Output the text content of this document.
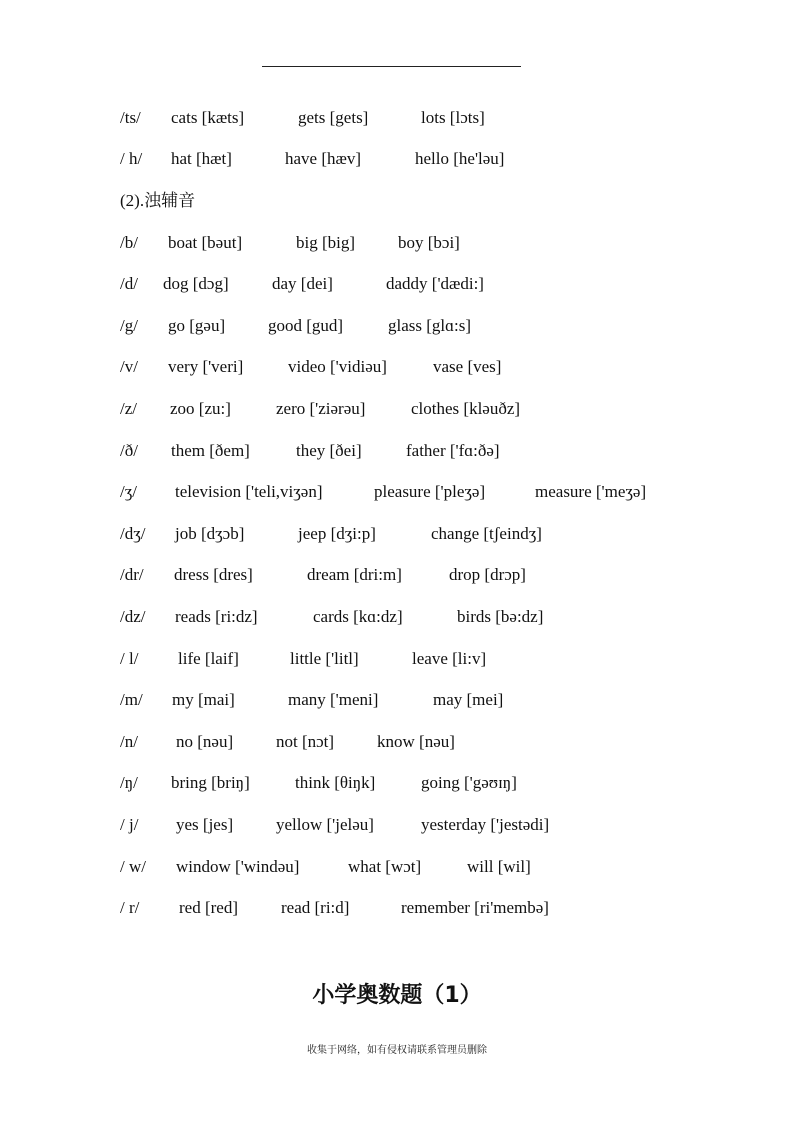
/ts/ cats [kæts]	gets [gets]	lots [lɔts]
/ h/ hat [hæt]	have [hæv]	hello [he'ləu]
(2).浊辅音
/b/ boat [bəut]	big [big]	boy [bɔi]
/d/ dog [dɔg]	day [dei]	daddy ['dædi:]
/g/ go [gəu]	good [gud]	glass [glɑ:s]
/v/ very ['veri]	video ['vidiəu]	vase [ves]
/z/ zoo [zu:]	zero ['ziərəu]	clothes [kləuðz]
/ð/ them [ðem]	they [ðei]	father ['fɑ:ðə]
/ʒ/ television ['teli,viʒən]	pleasure ['pleʒə]	measure ['meʒə]
/dʒ/ job [dʒɔb]	jeep [dʒi:p]	change [tʃeindʒ]
/dr/ dress [dres]	dream [dri:m]	drop [drɔp]
/dz/ reads [ri:dz]	cards [kɑ:dz]	birds [bə:dz]
/ l/ life [laif]	little ['litl]	leave [li:v]
/m/ my [mai]	many ['meni]	may [mei]
/n/ no [nəu]	not [nɔt]	know [nəu]
/ŋ/ bring [briŋ]	think [θiŋk]	going ['gəʊɪŋ]
/ j/ yes [jes]	yellow ['jeləu]	yesterday ['jestədi]
/ w/ window ['windəu]	what [wɔt]	will [wil]
/ r/ red [red]	read [ri:d]	remember [ri'membə]
小学奥数题（1）
收集于网络，如有侵权请联系管理员删除
